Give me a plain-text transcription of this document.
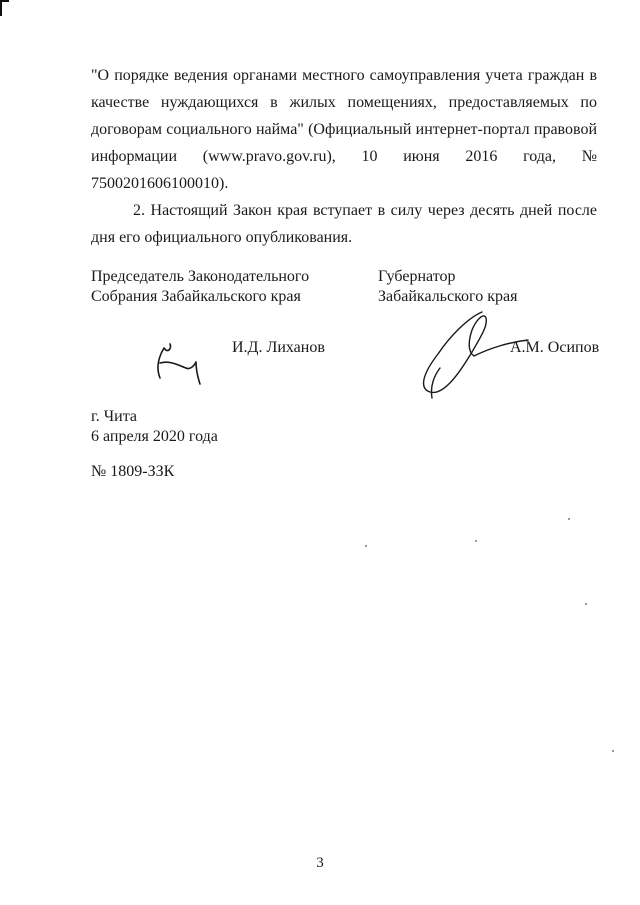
"О порядке ведения органами местного самоуправления учета граждан в качестве нуждающихся в жилых помещениях, предоставляемых по договорам социального найма" (Официальный интернет-портал правовой информации (www.pravo.gov.ru), 10 июня 2016 года, № 7500201606100010).

2. Настоящий Закон края вступает в силу через десять дней после дня его официального опубликования.

Председатель Законодательного
Собрания Забайкальского края
Губернатор
Забайкальского края
И.Д. Лиханов	А.М. Осипов
г. Чита
6 апреля 2020 года
№ 1809-ЗЗК
3
